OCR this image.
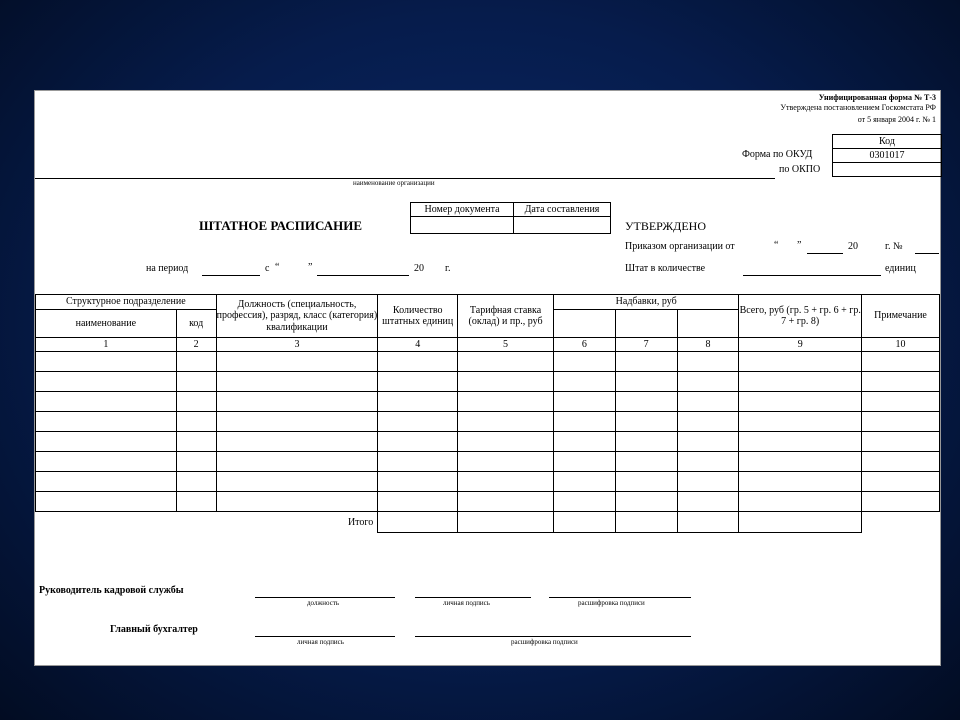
Унифицированная форма № Т-3
Утверждена постановлением Госкомстата РФ
от 5 января 2004 г. № 1
Код
0301017

Форма по ОКУД
по ОКПО
наименование организации
ШТАТНОЕ РАСПИСАНИЕ
Номер документа	Дата составления

УТВЕРЖДЕНО
Приказом организации от	“ ”	20	г. №
Штат в количестве	единиц
на период	с “	”	20 г.
Структурное подразделение		Должность (специальность, профессия), разряд, класс (категория) квалификации	Количество штатных единиц	Тарифная ставка (оклад) и пр., руб	Надбавки, руб			Всего, руб (гр. 5 + гр. 6 + гр. 7 + гр. 8)	Примечание
наименование	код								
1	2	3	4	5	6	7	8	9	10

Итого									
Руководитель кадровой службы
должность	личная подпись	расшифровка подписи
Главный бухгалтер
личная подпись	расшифровка подписи
